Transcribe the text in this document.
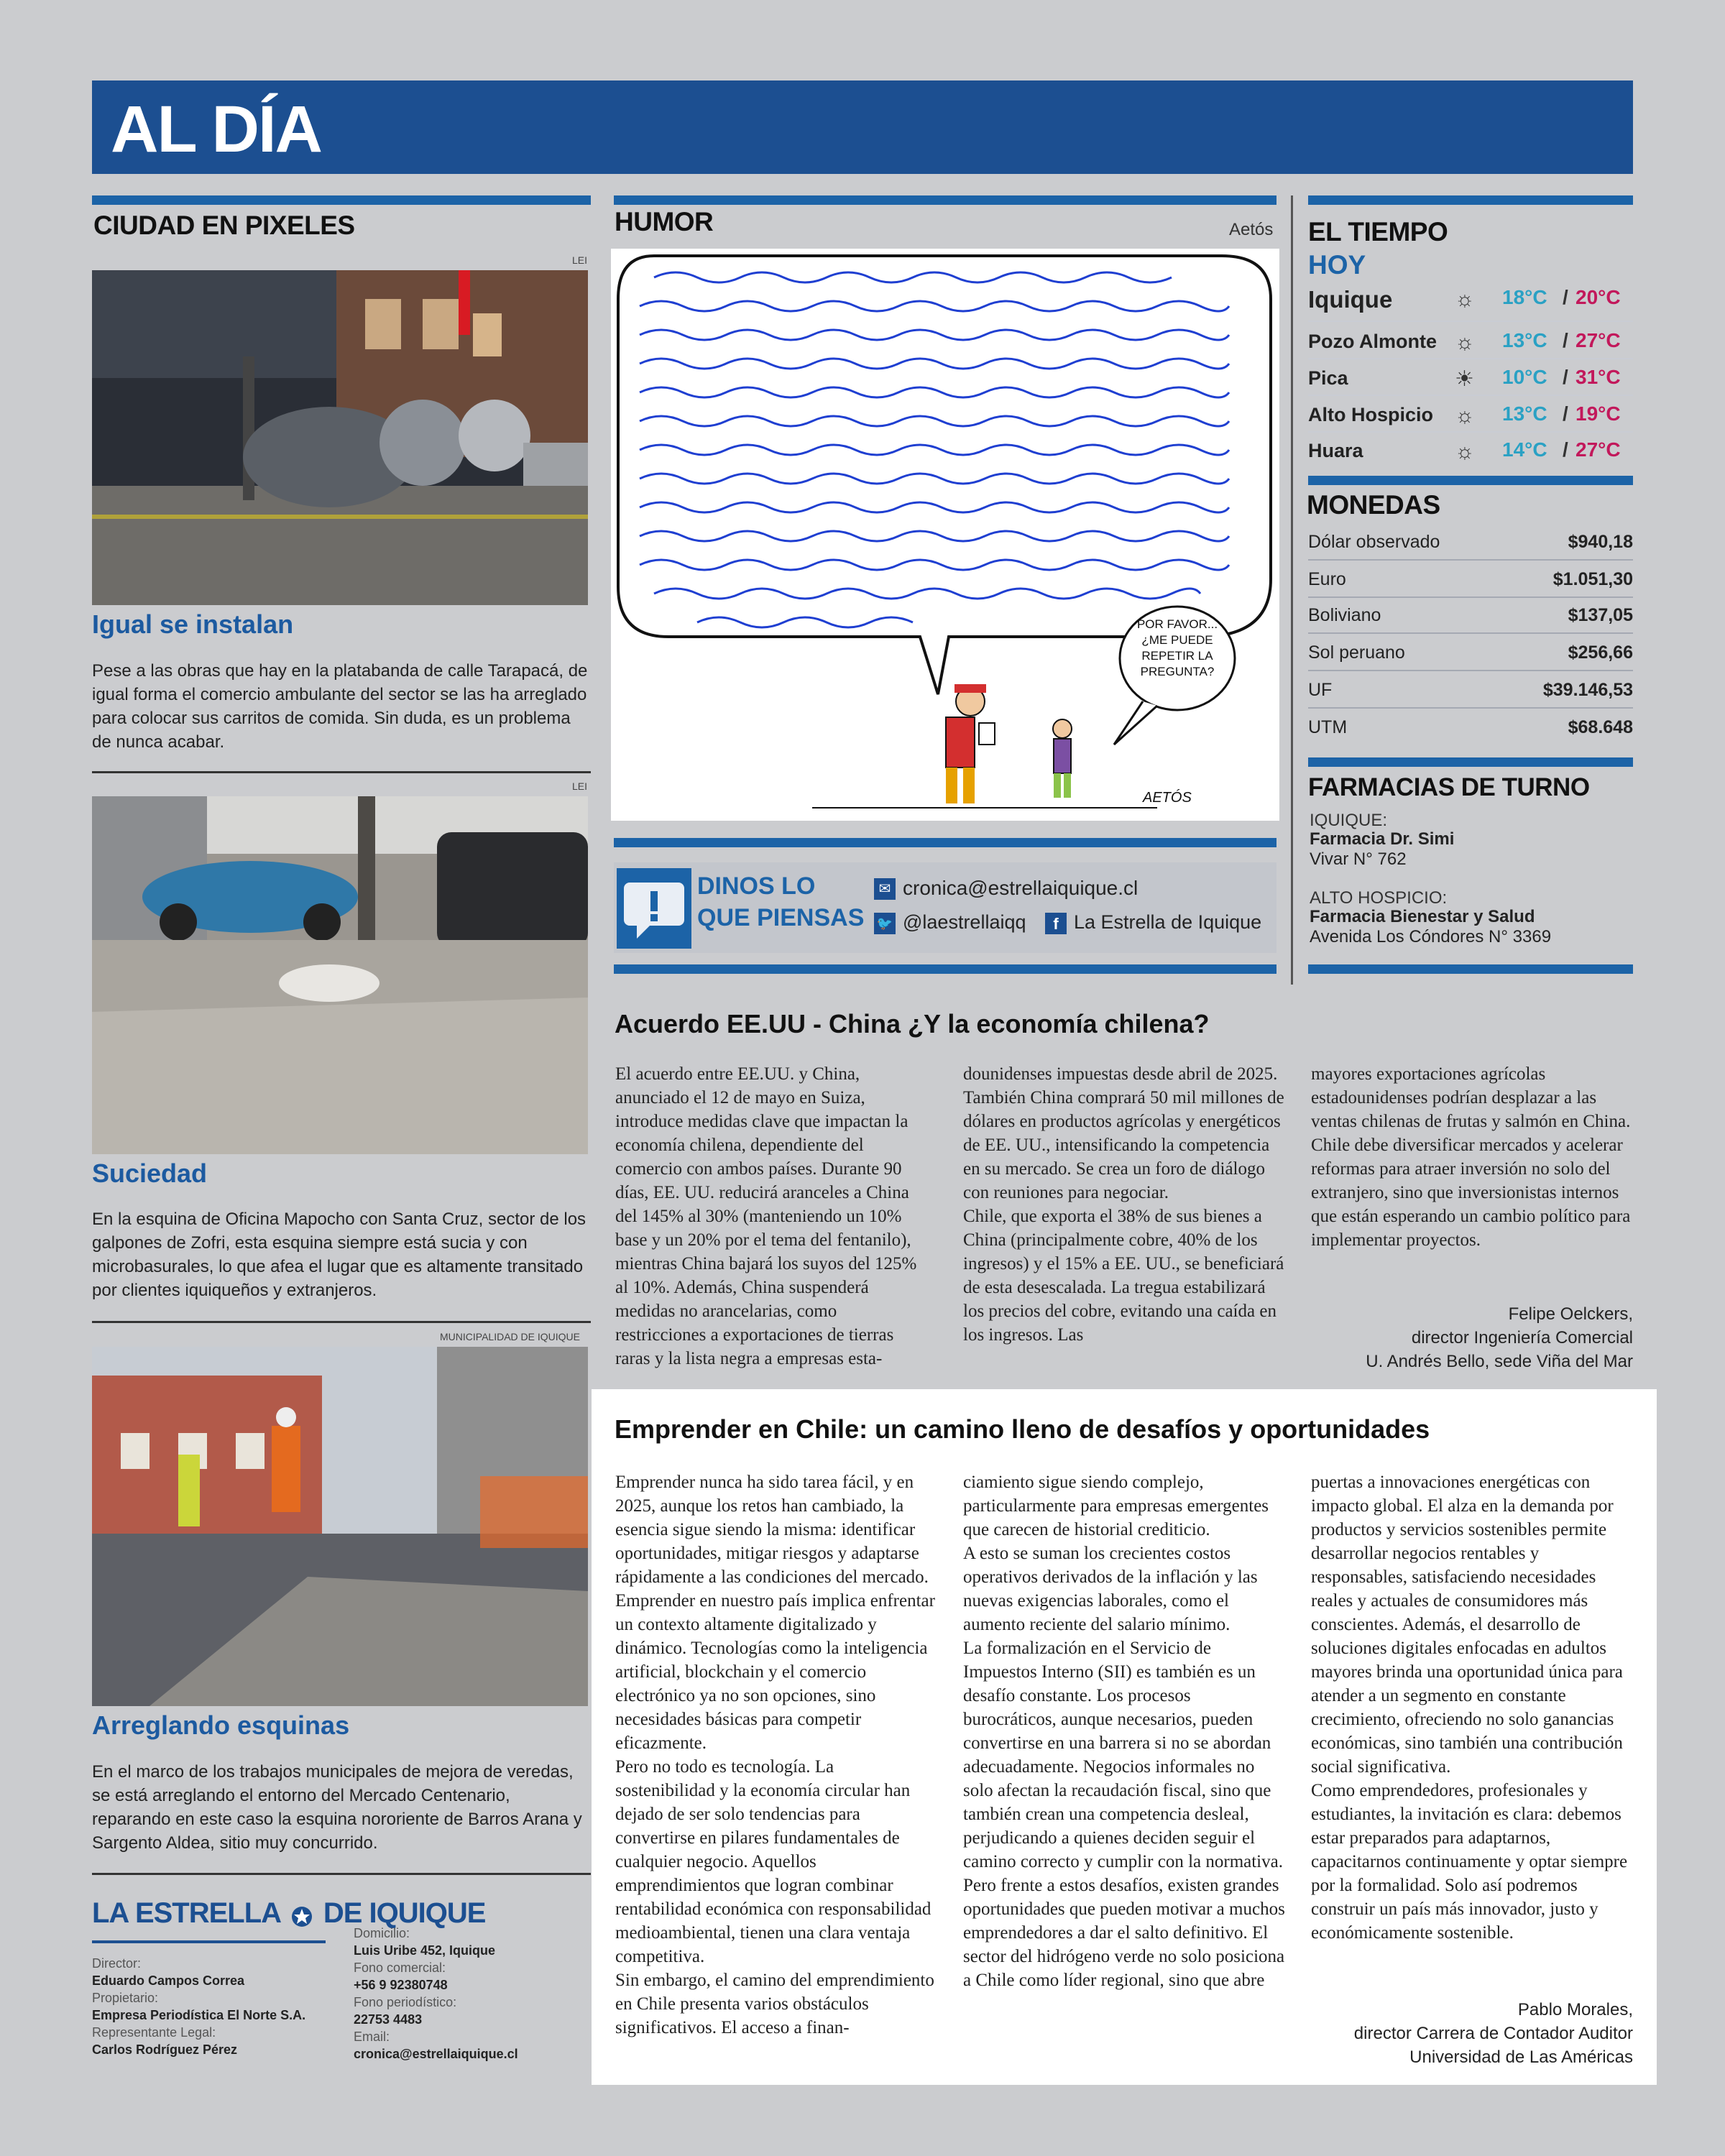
AL DÍA
CIUDAD EN PIXELES
LEI
Igual se instalan
Pese a las obras que hay en la platabanda de calle Tarapacá, de igual forma el comercio ambulante del sector se las ha arreglado para colocar sus carritos de comida. Sin duda, es un problema de nunca acabar.
LEI
Suciedad
En la esquina de Oficina Mapocho con Santa Cruz, sector de los galpones de Zofri, esta esquina siempre está sucia y con microbasurales, lo que afea el lugar que es altamente transitado por clientes iquiqueños y extranjeros.
MUNICIPALIDAD DE IQUIQUE
Arreglando esquinas
En el marco de los trabajos municipales de mejora de veredas, se está arreglando el entorno del Mercado Centenario, reparando en este caso la esquina nororiente de Barros Arana y Sargento Aldea, sitio muy concurrido.
LA ESTRELLA DE IQUIQUE
Director:
Eduardo Campos Correa
Propietario:
Empresa Periodística El Norte S.A.
Representante Legal:
Carlos Rodríguez Pérez
Domicilio:
Luis Uribe 452, Iquique
Fono comercial:
+56 9 92380748
Fono periodístico:
22753 4483
Email:
cronica@estrellaiquique.cl
HUMOR	Aetós
POR FAVOR... ¿ME PUEDE REPETIR LA PREGUNTA?
AETÓS
DINOS LO
QUE PIENSAS
✉ cronica@estrellaiquique.cl
🐦 @laestrellaiqq	f La Estrella de Iquique
EL TIEMPO
HOY
Iquique	☼ 18°C / 20°C
Pozo Almonte ☼ 13°C / 27°C
Pica	☀ 10°C / 31°C
Alto Hospicio ☼ 13°C / 19°C
Huara	☼ 14°C / 27°C
MONEDAS
Dólar observado	$940,18
Euro	$1.051,30
Boliviano	$137,05
Sol peruano	$256,66
UF	$39.146,53
UTM	$68.648
FARMACIAS DE TURNO
IQUIQUE:
Farmacia Dr. Simi
Vivar N° 762
ALTO HOSPICIO:
Farmacia Bienestar y Salud
Avenida Los Cóndores N° 3369
Acuerdo EE.UU - China ¿Y la economía chilena?
El acuerdo entre EE.UU. y China, anunciado el 12 de mayo en Suiza, introduce medidas clave que impactan la economía chilena, dependiente del comercio con ambos países. Durante 90 días, EE. UU. reducirá aranceles a China del 145% al 30% (manteniendo un 10% base y un 20% por el tema del fentanilo), mientras China bajará los suyos del 125% al 10%. Además, China suspenderá medidas no arancelarias, como restricciones a exportaciones de tierras raras y la lista negra a empresas esta-
dounidenses impuestas desde abril de 2025. También China comprará 50 mil millones de dólares en productos agrícolas y energéticos de EE. UU., intensificando la competencia en su mercado. Se crea un foro de diálogo con reuniones para negociar.
Chile, que exporta el 38% de sus bienes a China (principalmente cobre, 40% de los ingresos) y el 15% a EE. UU., se beneficiará de esta desescalada. La tregua estabilizará los precios del cobre, evitando una caída en los ingresos. Las
mayores exportaciones agrícolas estadounidenses podrían desplazar a las ventas chilenas de frutas y salmón en China. Chile debe diversificar mercados y acelerar reformas para atraer inversión no solo del extranjero, sino que inversionistas internos que están esperando un cambio político para implementar proyectos.
Felipe Oelckers,
director Ingeniería Comercial
U. Andrés Bello, sede Viña del Mar
Emprender en Chile: un camino lleno de desafíos y oportunidades
Emprender nunca ha sido tarea fácil, y en 2025, aunque los retos han cambiado, la esencia sigue siendo la misma: identificar oportunidades, mitigar riesgos y adaptarse rápidamente a las condiciones del mercado.
Emprender en nuestro país implica enfrentar un contexto altamente digitalizado y dinámico. Tecnologías como la inteligencia artificial, blockchain y el comercio electrónico ya no son opciones, sino necesidades básicas para competir eficazmente.
Pero no todo es tecnología. La sostenibilidad y la economía circular han dejado de ser solo tendencias para convertirse en pilares fundamentales de cualquier negocio. Aquellos emprendimientos que logran combinar rentabilidad económica con responsabilidad medioambiental, tienen una clara ventaja competitiva.
Sin embargo, el camino del emprendimiento en Chile presenta varios obstáculos significativos. El acceso a finan-
ciamiento sigue siendo complejo, particularmente para empresas emergentes que carecen de historial crediticio.
A esto se suman los crecientes costos operativos derivados de la inflación y las nuevas exigencias laborales, como el aumento reciente del salario mínimo.
La formalización en el Servicio de Impuestos Interno (SII) es también es un desafío constante. Los procesos burocráticos, aunque necesarios, pueden convertirse en una barrera si no se abordan adecuadamente. Negocios informales no solo afectan la recaudación fiscal, sino que también crean una competencia desleal, perjudicando a quienes deciden seguir el camino correcto y cumplir con la normativa.
Pero frente a estos desafíos, existen grandes oportunidades que pueden motivar a muchos emprendedores a dar el salto definitivo. El sector del hidrógeno verde no solo posiciona a Chile como líder regional, sino que abre
puertas a innovaciones energéticas con impacto global. El alza en la demanda por productos y servicios sostenibles permite desarrollar negocios rentables y responsables, satisfaciendo necesidades reales y actuales de consumidores más conscientes. Además, el desarrollo de soluciones digitales enfocadas en adultos mayores brinda una oportunidad única para atender a un segmento en constante crecimiento, ofreciendo no solo ganancias económicas, sino también una contribución social significativa.
Como emprendedores, profesionales y estudiantes, la invitación es clara: debemos estar preparados para adaptarnos, capacitarnos continuamente y optar siempre por la formalidad. Solo así podremos construir un país más innovador, justo y económicamente sostenible.
Pablo Morales,
director Carrera de Contador Auditor
Universidad de Las Américas
